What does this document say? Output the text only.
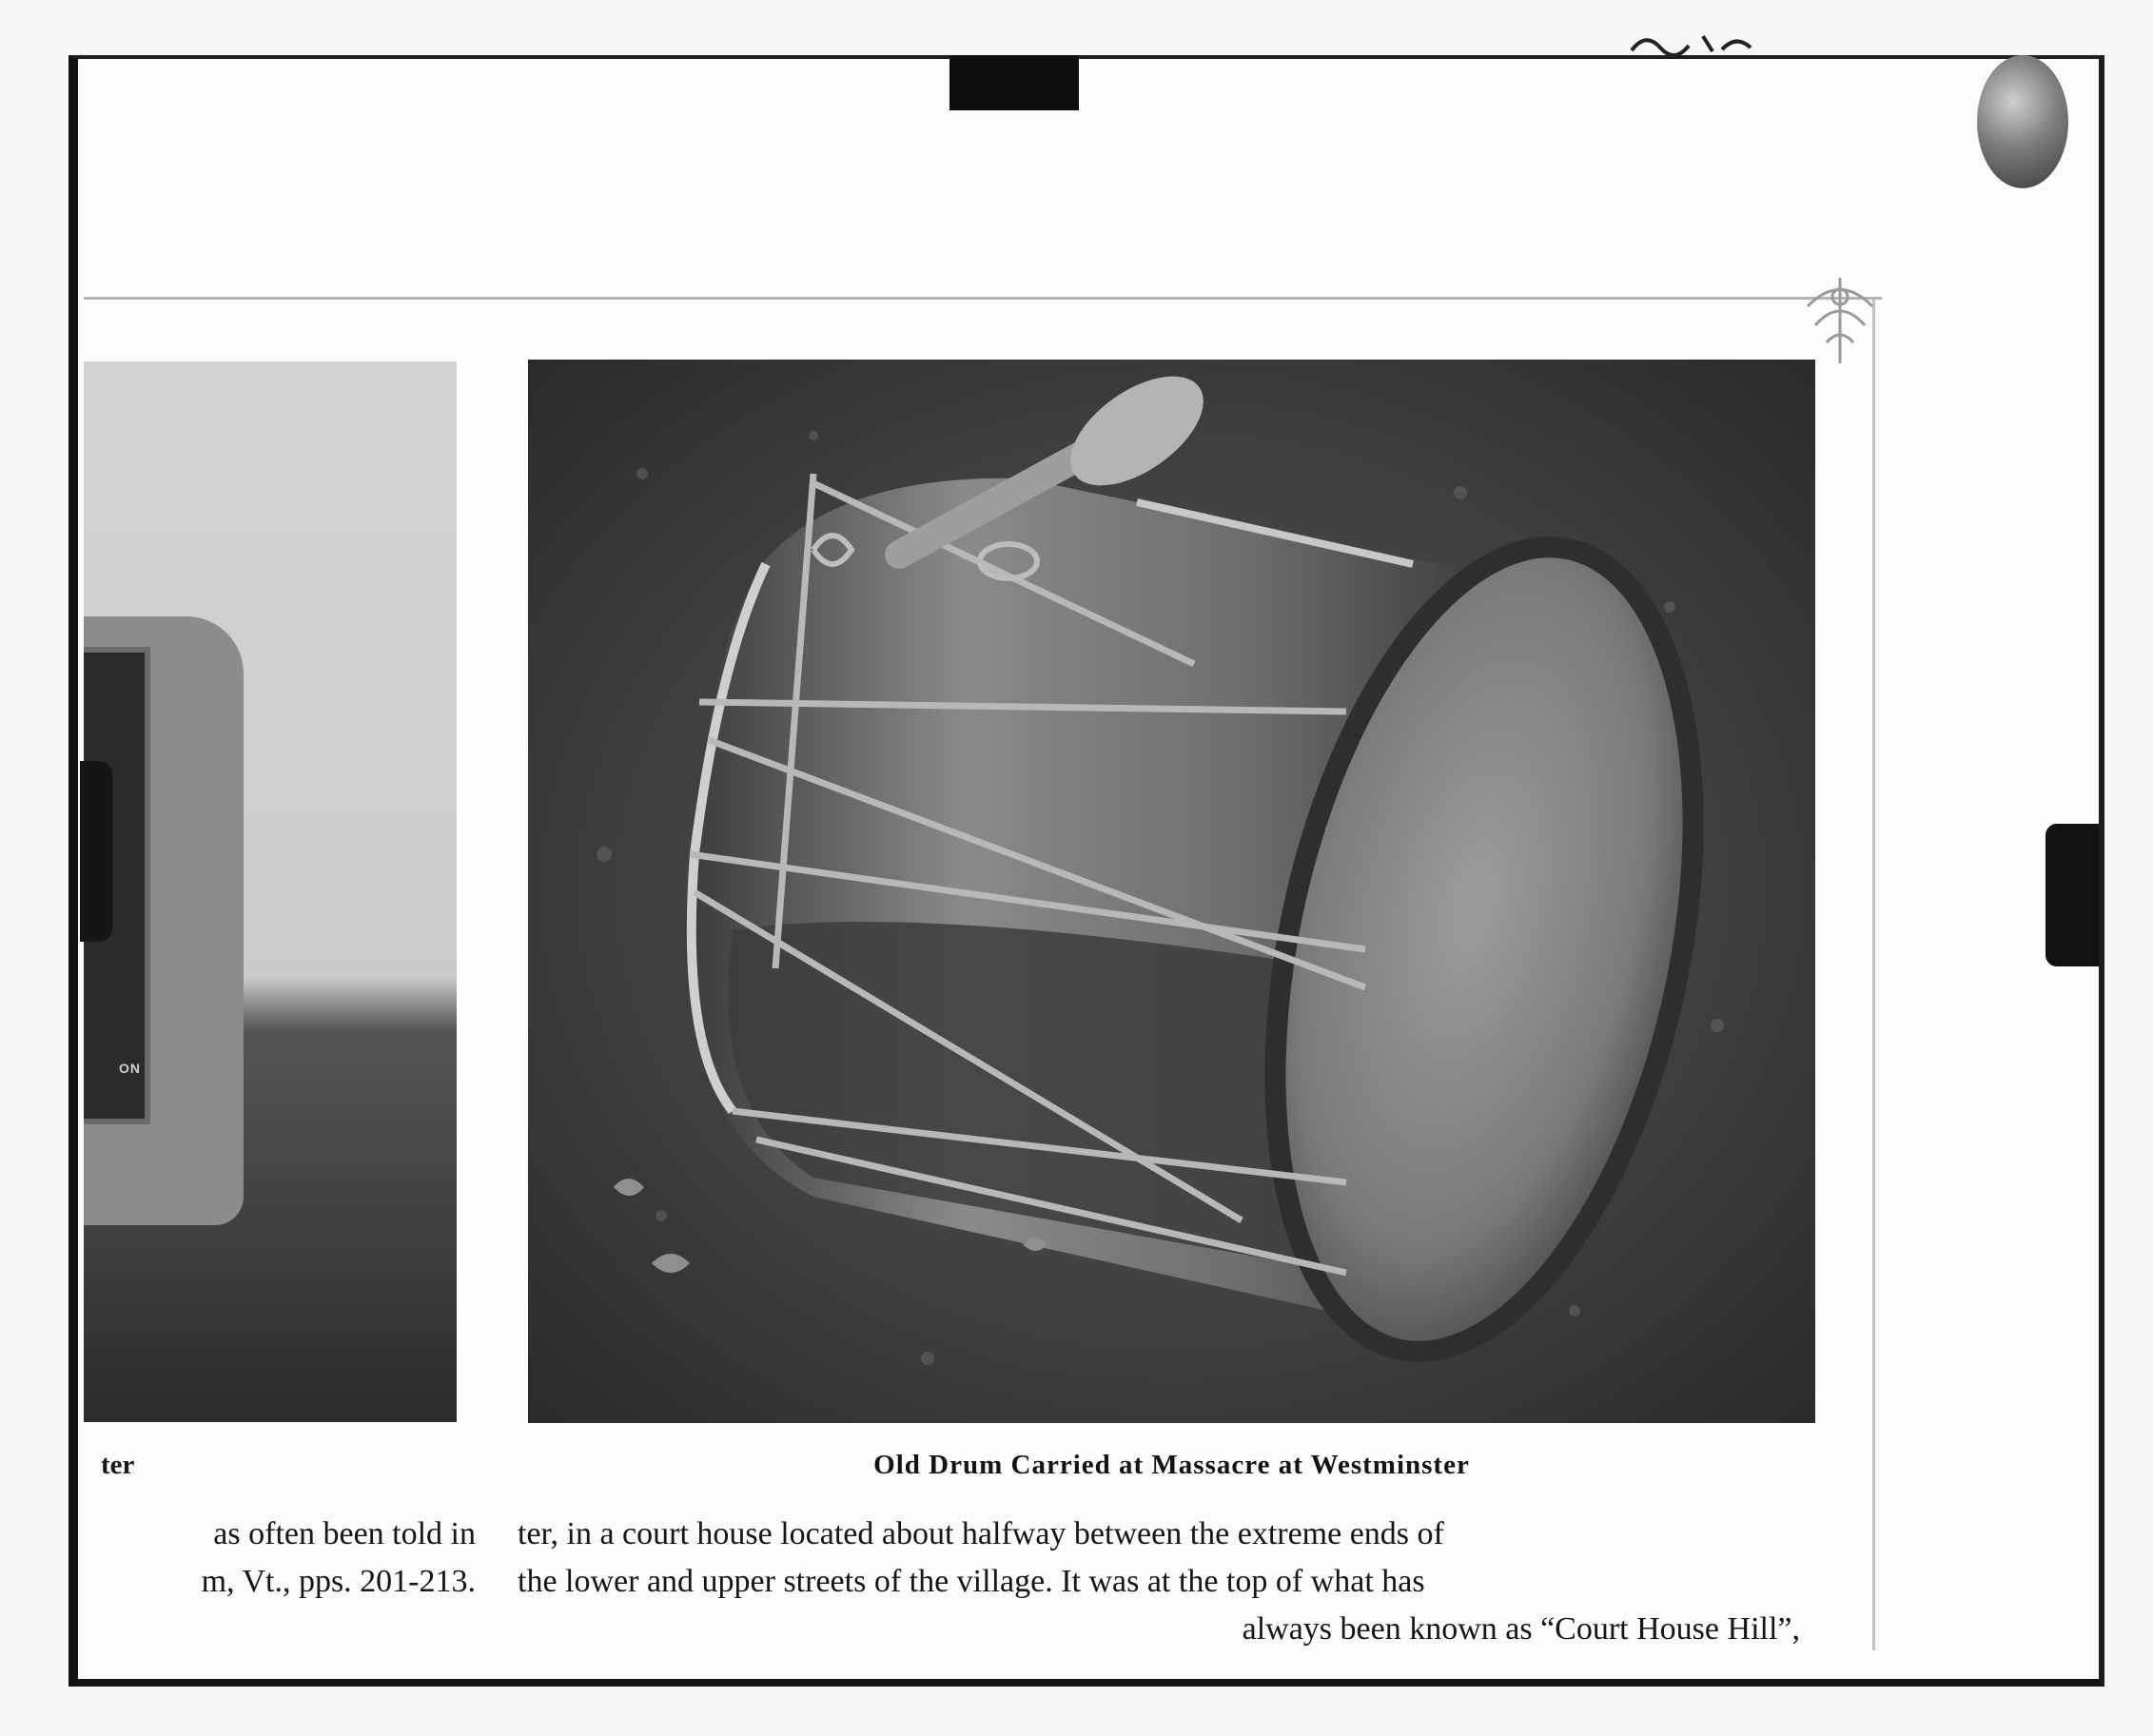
ON
ter	Old Drum Carried at Massacre at Westminster
as often been told in
m, Vt., pps. 201-213.
ter, in a court house located about halfway between the extreme ends of
the lower and upper streets of the village. It was at the top of what has
always been known as “Court House Hill”,
